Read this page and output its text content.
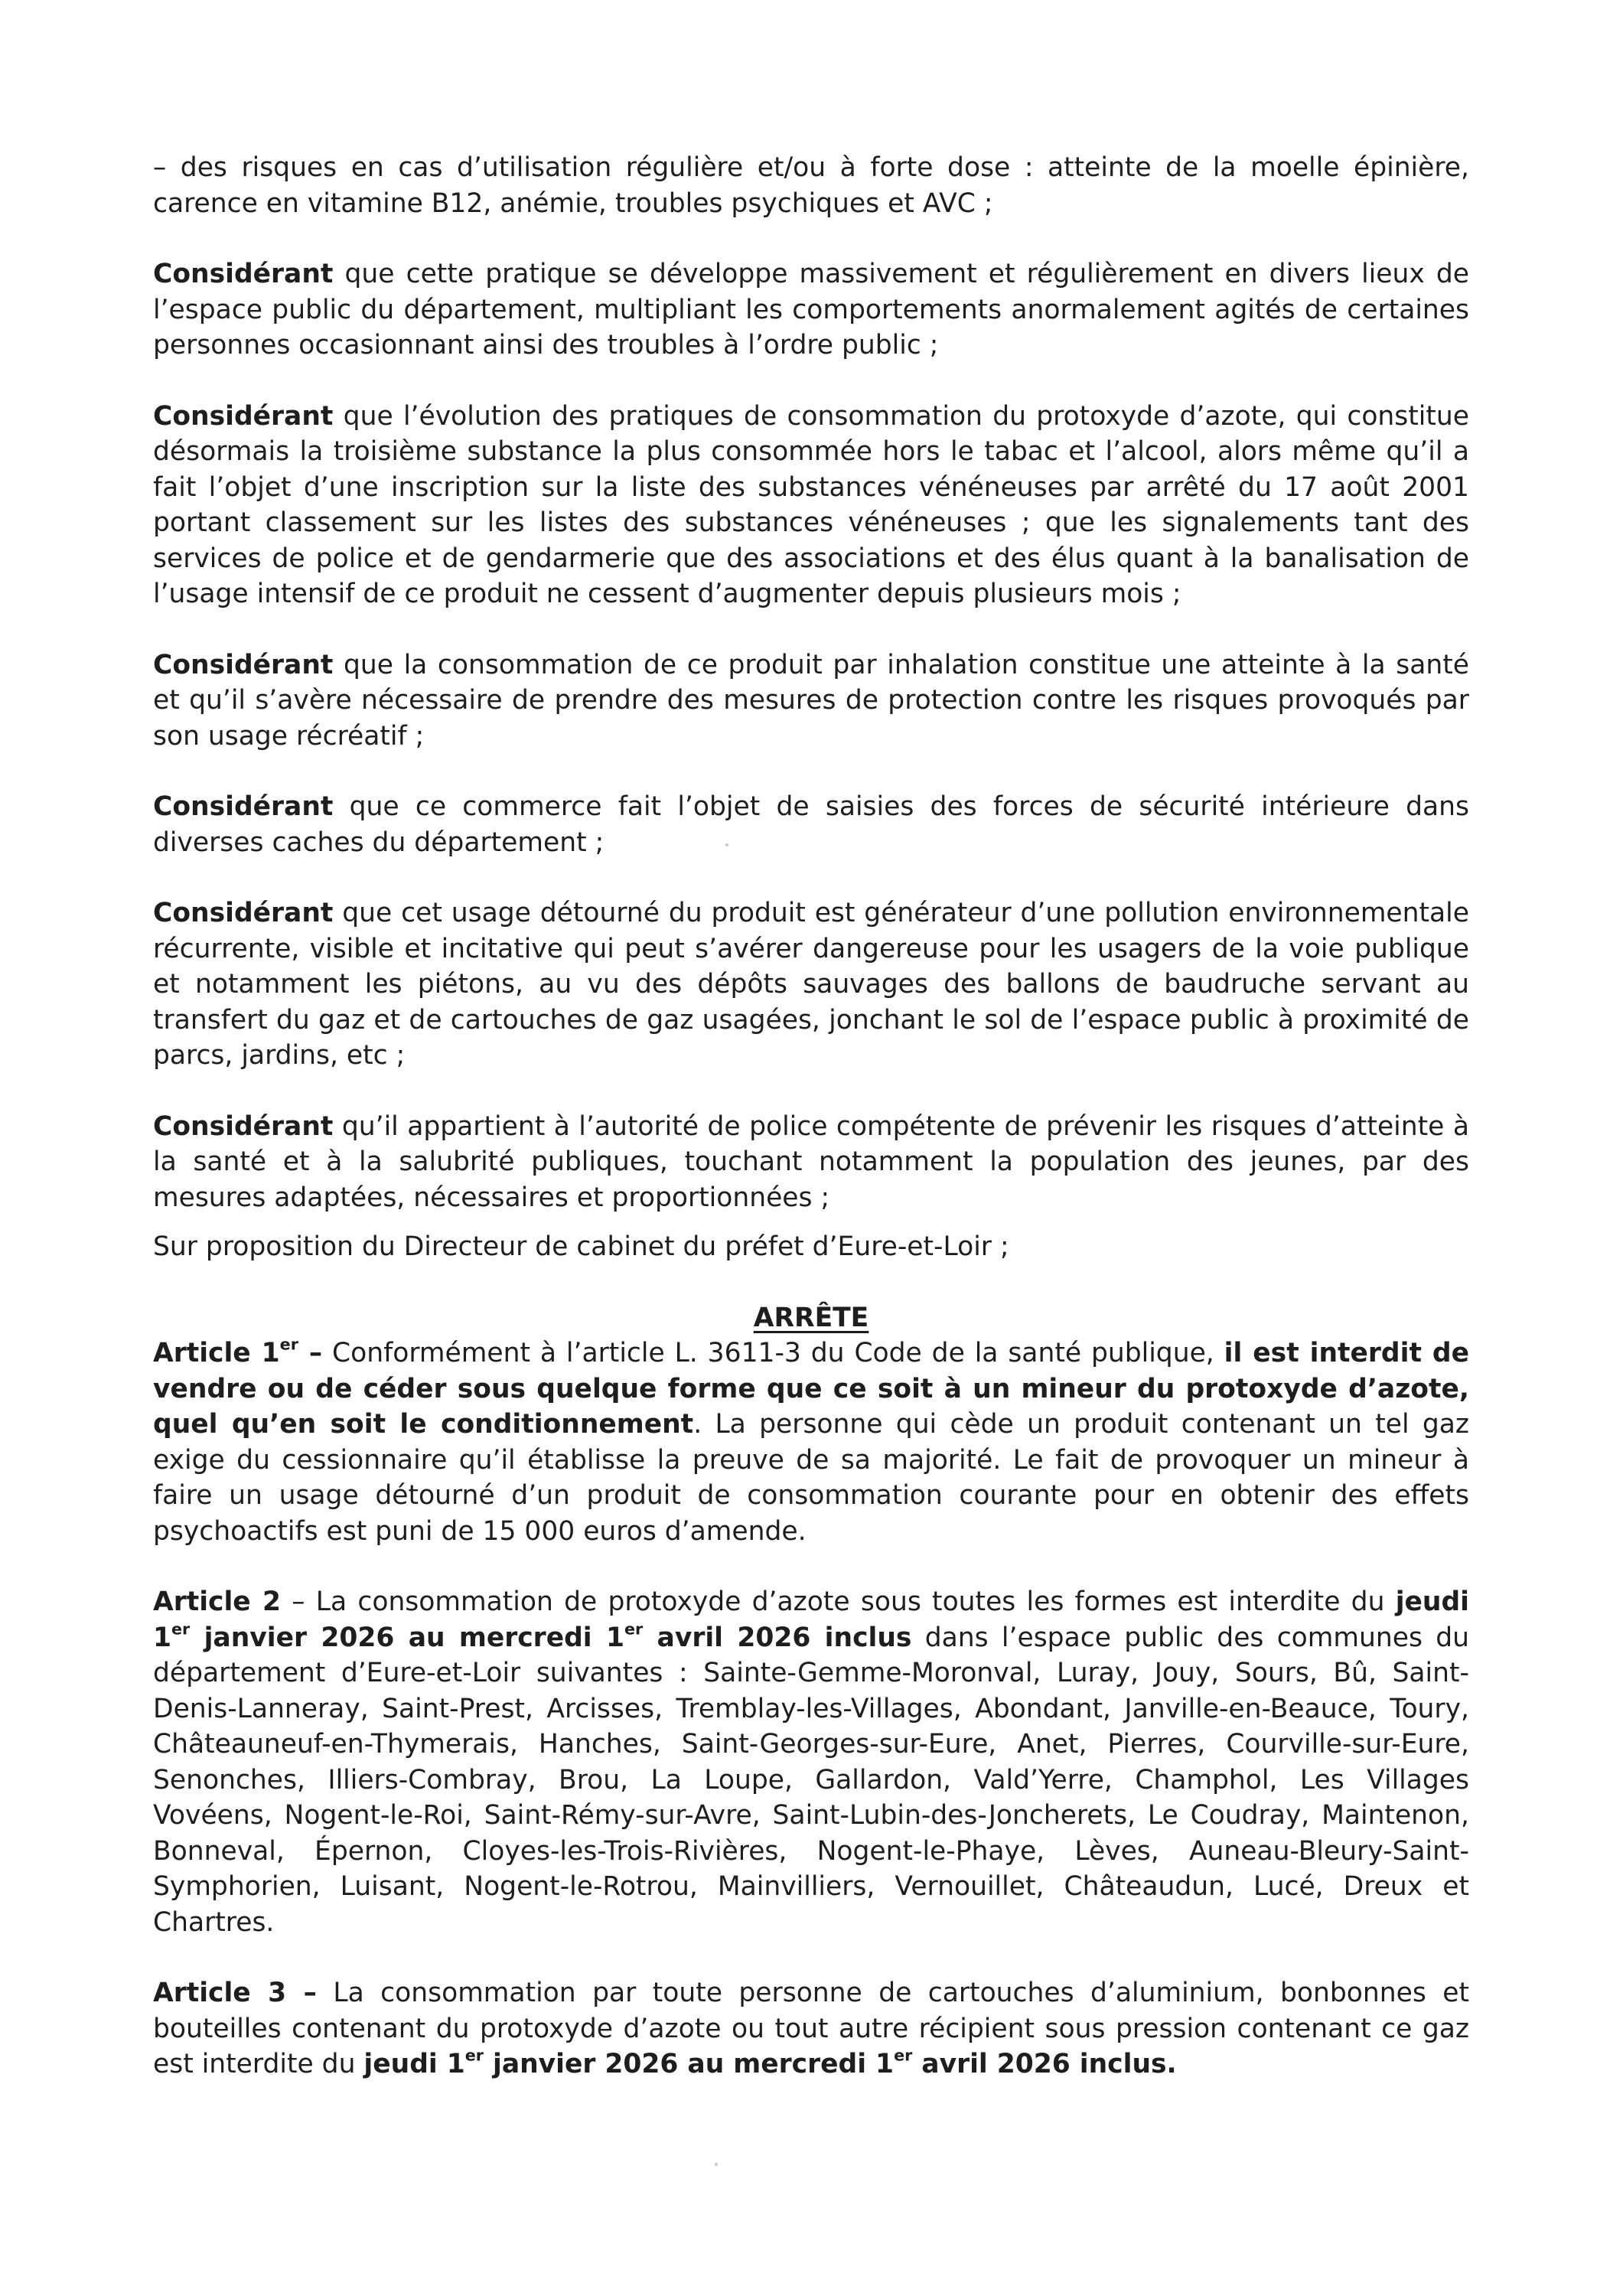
– des risques en cas d’utilisation régulière et/ou à forte dose : atteinte de la moelle épinière, carence en vitamine B12, anémie, troubles psychiques et AVC ;

Considérant que cette pratique se développe massivement et régulièrement en divers lieux de l’espace public du département, multipliant les comportements anormalement agités de certaines personnes occasionnant ainsi des troubles à l’ordre public ;

Considérant que l’évolution des pratiques de consommation du protoxyde d’azote, qui constitue désormais la troisième substance la plus consommée hors le tabac et l’alcool, alors même qu’il a fait l’objet d’une inscription sur la liste des substances vénéneuses par arrêté du 17 août 2001 portant classement sur les listes des substances vénéneuses ; que les signalements tant des services de police et de gendarmerie que des associations et des élus quant à la banalisation de l’usage intensif de ce produit ne cessent d’augmenter depuis plusieurs mois ;

Considérant que la consommation de ce produit par inhalation constitue une atteinte à la santé et qu’il s’avère nécessaire de prendre des mesures de protection contre les risques provoqués par son usage récréatif ;

Considérant que ce commerce fait l’objet de saisies des forces de sécurité intérieure dans diverses caches du département ;

Considérant que cet usage détourné du produit est générateur d’une pollution environnementale récurrente, visible et incitative qui peut s’avérer dangereuse pour les usagers de la voie publique et notamment les piétons, au vu des dépôts sauvages des ballons de baudruche servant au transfert du gaz et de cartouches de gaz usagées, jonchant le sol de l’espace public à proximité de parcs, jardins, etc ;

Considérant qu’il appartient à l’autorité de police compétente de prévenir les risques d’atteinte à la santé et à la salubrité publiques, touchant notamment la population des jeunes, par des mesures adaptées, nécessaires et proportionnées ;

Sur proposition du Directeur de cabinet du préfet d’Eure-et-Loir ;

ARRÊTE

Article 1er – Conformément à l’article L. 3611-3 du Code de la santé publique, il est interdit de vendre ou de céder sous quelque forme que ce soit à un mineur du protoxyde d’azote, quel qu’en soit le conditionnement. La personne qui cède un produit contenant un tel gaz exige du cessionnaire qu’il établisse la preuve de sa majorité. Le fait de provoquer un mineur à faire un usage détourné d’un produit de consommation courante pour en obtenir des effets psychoactifs est puni de 15 000 euros d’amende.

Article 2 – La consommation de protoxyde d’azote sous toutes les formes est interdite du jeudi 1er janvier 2026 au mercredi 1er avril 2026 inclus dans l’espace public des communes du département d’Eure-et-Loir suivantes : Sainte-Gemme-Moronval, Luray, Jouy, Sours, Bû, Saint-Denis-Lanneray, Saint-Prest, Arcisses, Tremblay-les-Villages, Abondant, Janville-en-Beauce, Toury, Châteauneuf-en-Thymerais, Hanches, Saint-Georges-sur-Eure, Anet, Pierres, Courville-sur-Eure, Senonches, Illiers-Combray, Brou, La Loupe, Gallardon, Vald’Yerre, Champhol, Les Villages Vovéens, Nogent-le-Roi, Saint-Rémy-sur-Avre, Saint-Lubin-des-Joncherets, Le Coudray, Maintenon, Bonneval, Épernon, Cloyes-les-Trois-Rivières, Nogent-le-Phaye, Lèves, Auneau-Bleury-Saint-Symphorien, Luisant, Nogent-le-Rotrou, Mainvilliers, Vernouillet, Châteaudun, Lucé, Dreux et Chartres.

Article 3 – La consommation par toute personne de cartouches d’aluminium, bonbonnes et bouteilles contenant du protoxyde d’azote ou tout autre récipient sous pression contenant ce gaz est interdite du jeudi 1er janvier 2026 au mercredi 1er avril 2026 inclus.
